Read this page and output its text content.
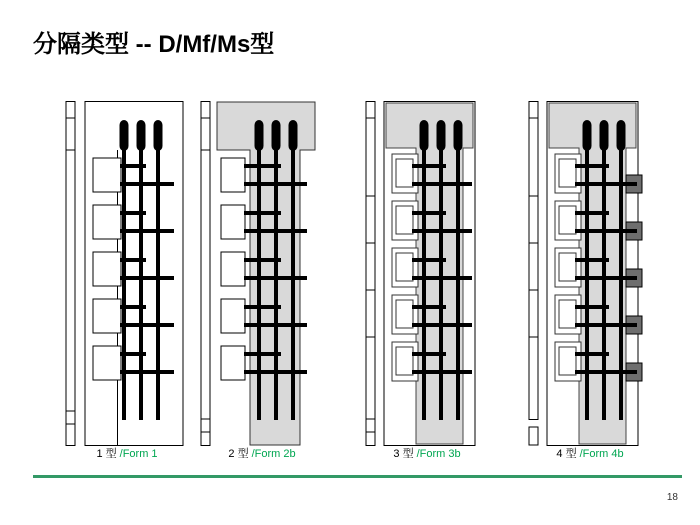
分隔类型 -- D/Mf/Ms型
1 型 /Form 1	2 型 /Form 2b	3 型 /Form 3b	4 型 /Form 4b
18
